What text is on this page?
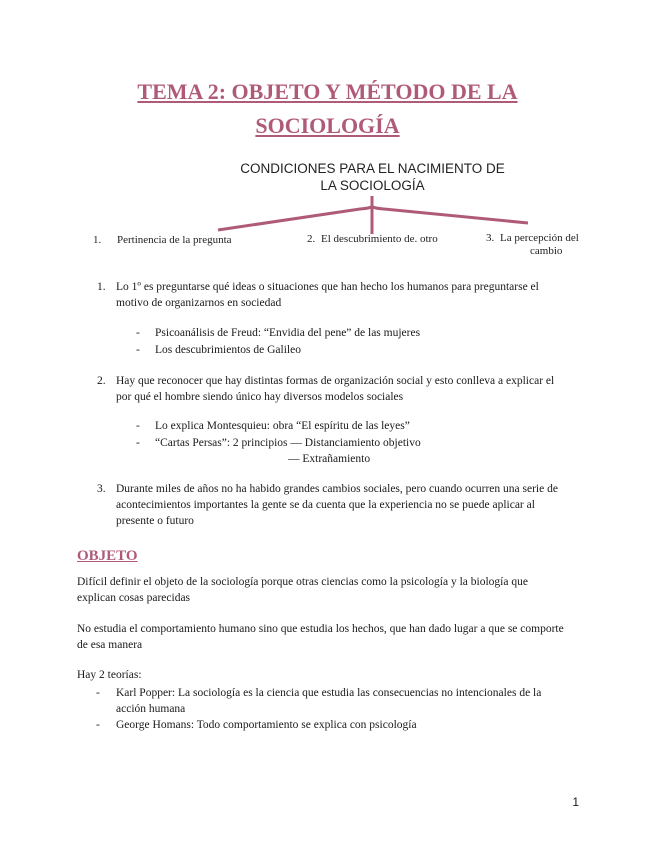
TEMA 2: OBJETO Y MÉTODO DE LA
SOCIOLOGÍA
CONDICIONES PARA EL NACIMIENTO DE
LA SOCIOLOGÍA
1. Pertinencia de la pregunta	2. El descubrimiento de. otro	3. La percepción del
cambio
1. Lo 1º es preguntarse qué ideas o situaciones que han hecho los humanos para preguntarse el
motivo de organizarnos en sociedad
- Psicoanálisis de Freud: “Envidia del pene” de las mujeres
- Los descubrimientos de Galileo
2. Hay que reconocer que hay distintas formas de organización social y esto conlleva a explicar el
por qué el hombre siendo único hay diversos modelos sociales
- Lo explica Montesquieu: obra “El espíritu de las leyes”
- “Cartas Persas”: 2 principios — Distanciamiento objetivo
— Extrañamiento
3. Durante miles de años no ha habido grandes cambios sociales, pero cuando ocurren una serie de
acontecimientos importantes la gente se da cuenta que la experiencia no se puede aplicar al
presente o futuro
OBJETO
Difícil definir el objeto de la sociología porque otras ciencias como la psicología y la biología que
explican cosas parecidas
No estudia el comportamiento humano sino que estudia los hechos, que han dado lugar a que se comporte
de esa manera
Hay 2 teorías:
- Karl Popper: La sociología es la ciencia que estudia las consecuencias no intencionales de la
acción humana
- George Homans: Todo comportamiento se explica con psicología
1
